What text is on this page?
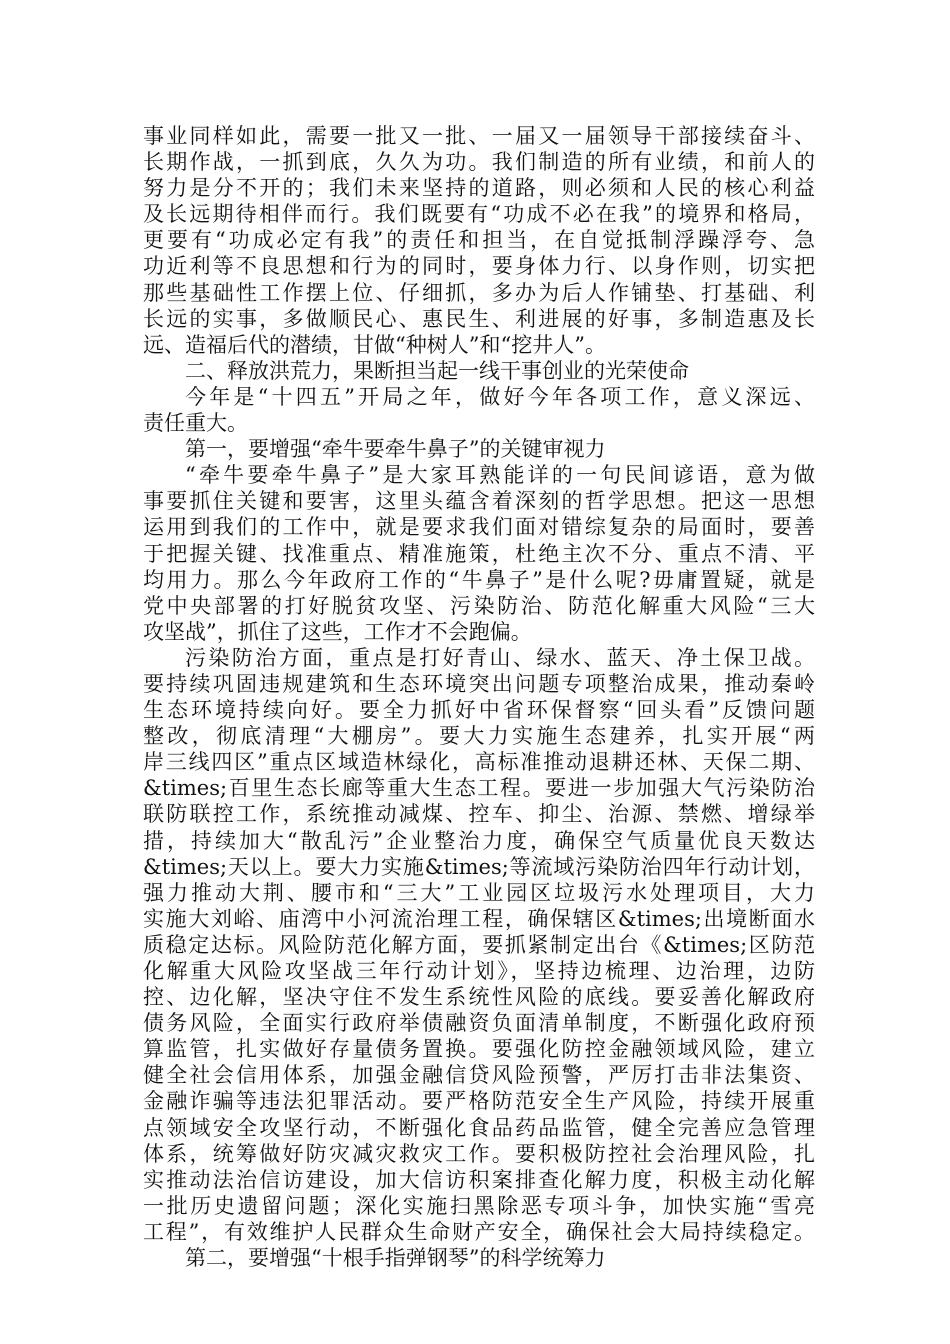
事业同样如此，需要一批又一批、一届又一届领导干部接续奋斗、
长期作战，一抓到底，久久为功。我们制造的所有业绩，和前人的
努力是分不开的；我们未来坚持的道路，则必须和人民的核心利益
及长远期待相伴而行。我们既要有“功成不必在我”的境界和格局，
更要有“功成必定有我”的责任和担当，在自觉抵制浮躁浮夸、急
功近利等不良思想和行为的同时，要身体力行、以身作则，切实把
那些基础性工作摆上位、仔细抓，多办为后人作铺垫、打基础、利
长远的实事，多做顺民心、惠民生、利进展的好事，多制造惠及长
远、造福后代的潜绩，甘做“种树人”和“挖井人”。
二、释放洪荒力，果断担当起一线干事创业的光荣使命
今年是“十四五”开局之年，做好今年各项工作，意义深远、
责任重大。
第一，要增强“牵牛要牵牛鼻子”的关键审视力
“牵牛要牵牛鼻子”是大家耳熟能详的一句民间谚语，意为做
事要抓住关键和要害，这里头蕴含着深刻的哲学思想。把这一思想
运用到我们的工作中，就是要求我们面对错综复杂的局面时，要善
于把握关键、找准重点、精准施策，杜绝主次不分、重点不清、平
均用力。那么今年政府工作的“牛鼻子”是什么呢?毋庸置疑，就是
党中央部署的打好脱贫攻坚、污染防治、防范化解重大风险“三大
攻坚战”，抓住了这些，工作才不会跑偏。
污染防治方面，重点是打好青山、绿水、蓝天、净土保卫战。
要持续巩固违规建筑和生态环境突出问题专项整治成果，推动秦岭
生态环境持续向好。要全力抓好中省环保督察“回头看”反馈问题
整改，彻底清理“大棚房”。要大力实施生态建养，扎实开展“两
岸三线四区”重点区域造林绿化，高标准推动退耕还林、天保二期、
&times;百里生态长廊等重大生态工程。要进一步加强大气污染防治
联防联控工作，系统推动减煤、控车、抑尘、治源、禁燃、增绿举
措，持续加大“散乱污”企业整治力度，确保空气质量优良天数达
&times;天以上。要大力实施&times;等流域污染防治四年行动计划，
强力推动大荆、腰市和“三大”工业园区垃圾污水处理项目，大力
实施大刘峪、庙湾中小河流治理工程，确保辖区&times;出境断面水
质稳定达标。风险防范化解方面，要抓紧制定出台《&times;区防范
化解重大风险攻坚战三年行动计划》，坚持边梳理、边治理，边防
控、边化解，坚决守住不发生系统性风险的底线。要妥善化解政府
债务风险，全面实行政府举债融资负面清单制度，不断强化政府预
算监管，扎实做好存量债务置换。要强化防控金融领域风险，建立
健全社会信用体系，加强金融信贷风险预警，严厉打击非法集资、
金融诈骗等违法犯罪活动。要严格防范安全生产风险，持续开展重
点领域安全攻坚行动，不断强化食品药品监管，健全完善应急管理
体系，统筹做好防灾减灾救灾工作。要积极防控社会治理风险，扎
实推动法治信访建设，加大信访积案排查化解力度，积极主动化解
一批历史遗留问题；深化实施扫黑除恶专项斗争，加快实施“雪亮
工程”，有效维护人民群众生命财产安全，确保社会大局持续稳定。
第二，要增强“十根手指弹钢琴”的科学统筹力
